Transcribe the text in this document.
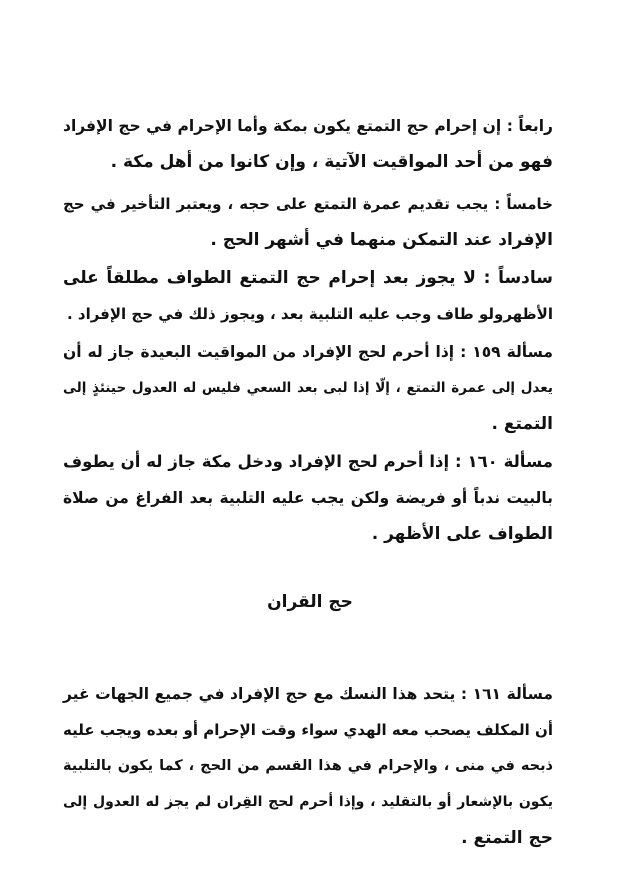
رابعاً : إن إحرام حج التمتع يكون بمكة وأما الإحرام في حج الإفراد
فهو من أحد المواقيت الآتية ، وإن كانوا من أهل مكة .
خامساً : يجب تقديم عمرة التمتع على حجه ، ويعتبر التأخير في حج
الإفراد عند التمكن منهما في أشهر الحج .
سادساً : لا يجوز بعد إحرام حج التمتع الطواف مطلقاً على
الأظهرولو طاف وجب عليه التلبية بعد ، ويجوز ذلك في حج الإفراد .
مسألة ١٥٩ : إذا أحرم لحج الإفراد من المواقيت البعيدة جاز له أن
يعدل إلى عمرة التمتع ، إلّا إذا لبى بعد السعي فليس له العدول حينئذٍ إلى
التمتع .
مسألة ١٦٠ : إذا أحرم لحج الإفراد ودخل مكة جاز له أن يطوف
بالبيت ندباً أو فريضة ولكن يجب عليه التلبية بعد الفراغ من صلاة
الطواف على الأظهر .
حج القران
مسألة ١٦١ : يتحد هذا النسك مع حج الإفراد في جميع الجهات غير
أن المكلف يصحب معه الهدي سواء وقت الإحرام أو بعده ويجب عليه
ذبحه في منى ، والإحرام في هذا القسم من الحج ، كما يكون بالتلبية
يكون بالإشعار أو بالتقليد ، وإذا أحرم لحج القِران لم يجز له العدول إلى
حج التمتع .
